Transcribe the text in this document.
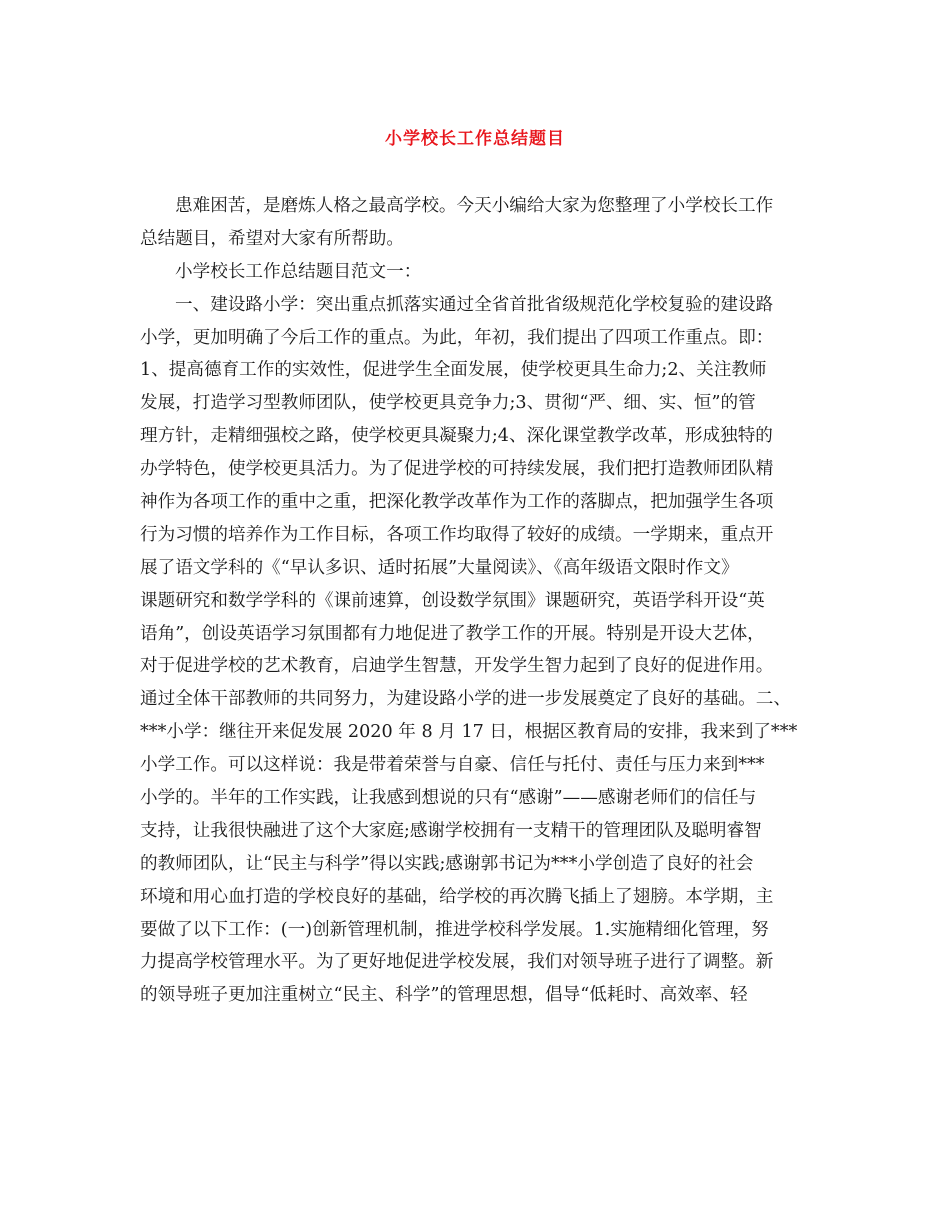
小学校长工作总结题目
患难困苦，是磨炼人格之最高学校。今天小编给大家为您整理了小学校长工作
总结题目，希望对大家有所帮助。
小学校长工作总结题目范文一：
一、建设路小学：突出重点抓落实通过全省首批省级规范化学校复验的建设路
小学，更加明确了今后工作的重点。为此，年初，我们提出了四项工作重点。即：
1、提高德育工作的实效性，促进学生全面发展，使学校更具生命力;2、关注教师
发展，打造学习型教师团队，使学校更具竞争力;3、贯彻“严、细、实、恒”的管
理方针，走精细强校之路，使学校更具凝聚力;4、深化课堂教学改革，形成独特的
办学特色，使学校更具活力。为了促进学校的可持续发展，我们把打造教师团队精
神作为各项工作的重中之重，把深化教学改革作为工作的落脚点，把加强学生各项
行为习惯的培养作为工作目标，各项工作均取得了较好的成绩。一学期来，重点开
展了语文学科的《“早认多识、适时拓展”大量阅读》、《高年级语文限时作文》
课题研究和数学学科的《课前速算，创设数学氛围》课题研究，英语学科开设“英
语角”，创设英语学习氛围都有力地促进了教学工作的开展。特别是开设大艺体，
对于促进学校的艺术教育，启迪学生智慧，开发学生智力起到了良好的促进作用。
通过全体干部教师的共同努力，为建设路小学的进一步发展奠定了良好的基础。二、
***小学：继往开来促发展 2020 年 8 月 17 日，根据区教育局的安排，我来到了***
小学工作。可以这样说：我是带着荣誉与自豪、信任与托付、责任与压力来到***
小学的。半年的工作实践，让我感到想说的只有“感谢”——感谢老师们的信任与
支持，让我很快融进了这个大家庭;感谢学校拥有一支精干的管理团队及聪明睿智
的教师团队，让“民主与科学”得以实践;感谢郭书记为***小学创造了良好的社会
环境和用心血打造的学校良好的基础，给学校的再次腾飞插上了翅膀。本学期，主
要做了以下工作：(一)创新管理机制，推进学校科学发展。1.实施精细化管理，努
力提高学校管理水平。为了更好地促进学校发展，我们对领导班子进行了调整。新
的领导班子更加注重树立“民主、科学”的管理思想，倡导“低耗时、高效率、轻
